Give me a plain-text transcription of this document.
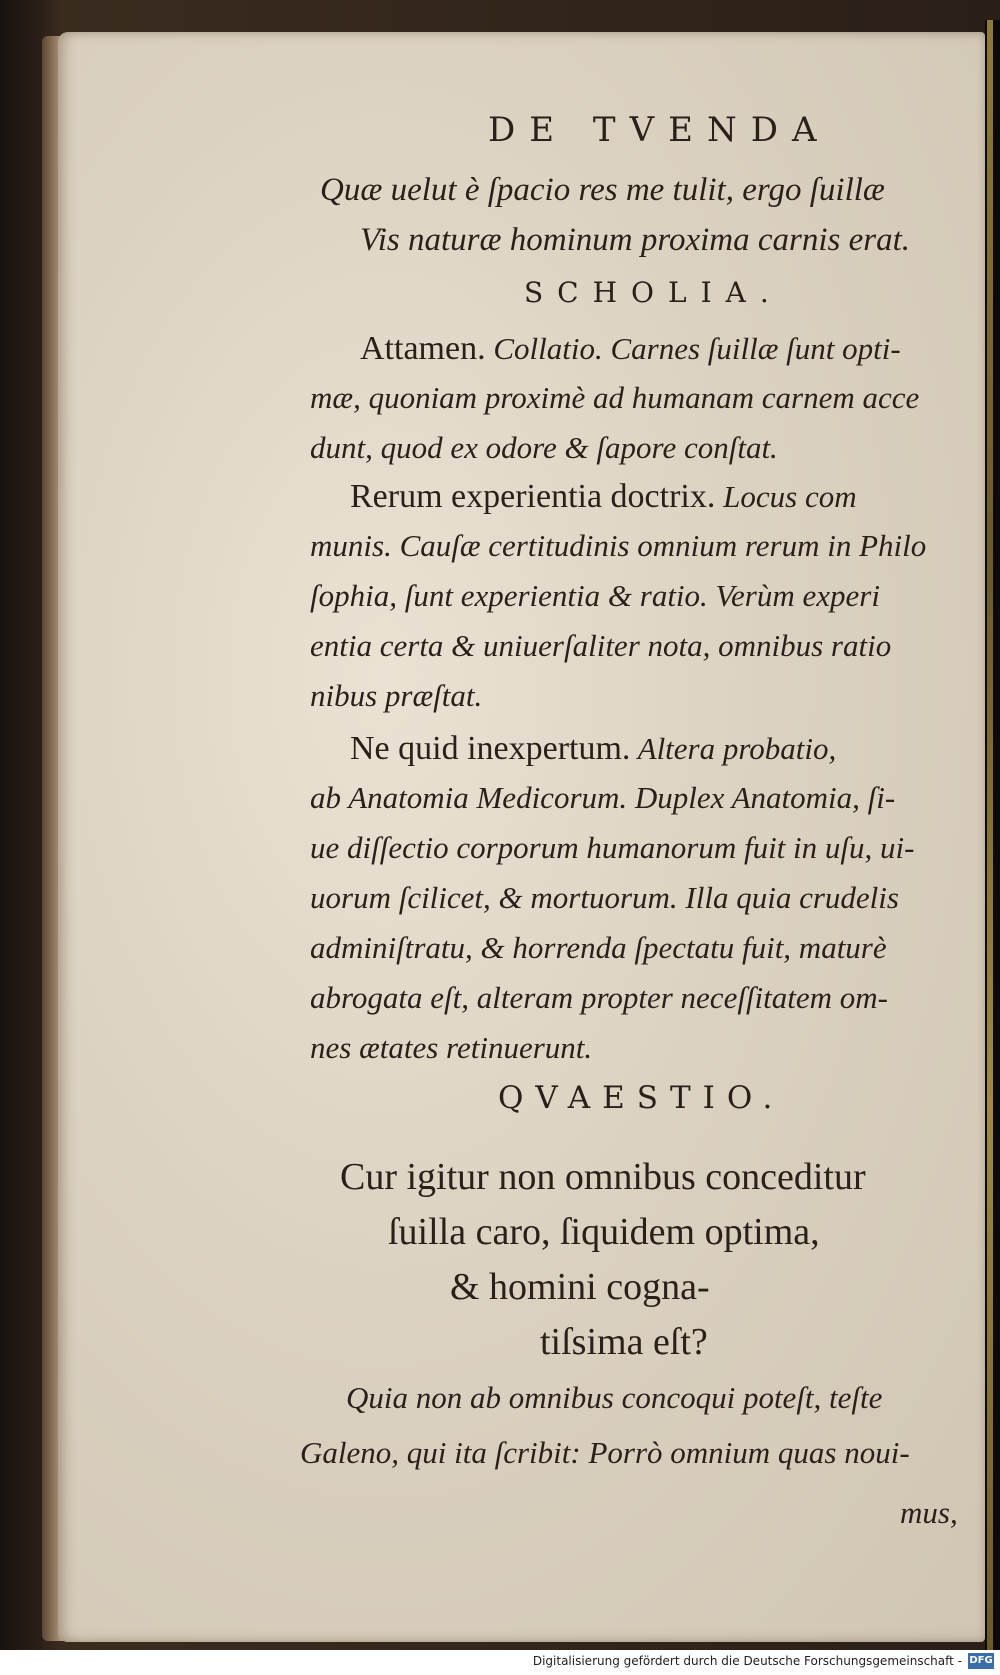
DE TVENDA
Quæ uelut è ſpacio res me tulit, ergo ſuillæ
Vis naturæ hominum proxima carnis erat.
SCHOLIA.
Attamen. Collatio. Carnes ſuillæ ſunt opti-
mæ, quoniam proximè ad humanam carnem acce
dunt, quod ex odore & ſapore conſtat.
Rerum experientia doctrix. Locus com
munis. Cauſæ certitudinis omnium rerum in Philo
ſophia, ſunt experientia & ratio. Verùm experi
entia certa & uniuerſaliter nota, omnibus ratio
nibus præſtat.
Ne quid inexpertum. Altera probatio,
ab Anatomia Medicorum. Duplex Anatomia, ſi-
ue diſſectio corporum humanorum fuit in uſu, ui-
uorum ſcilicet, & mortuorum. Illa quia crudelis
adminiſtratu, & horrenda ſpectatu fuit, maturè
abrogata eſt, alteram propter neceſſitatem om-
QVAESTIO.
Cur igitur non omnibus conceditur
ſuilla caro, ſiquidem optima,
& homini cogna-
tiſsima eſt?
Quia non ab omnibus concoqui poteſt, teſte
Galeno, qui ita ſcribit: Porrò omnium quas noui-
mus,
Digitalisierung gefördert durch die Deutsche Forschungsgemeinschaft - DFG
nes ætates retinuerunt.
